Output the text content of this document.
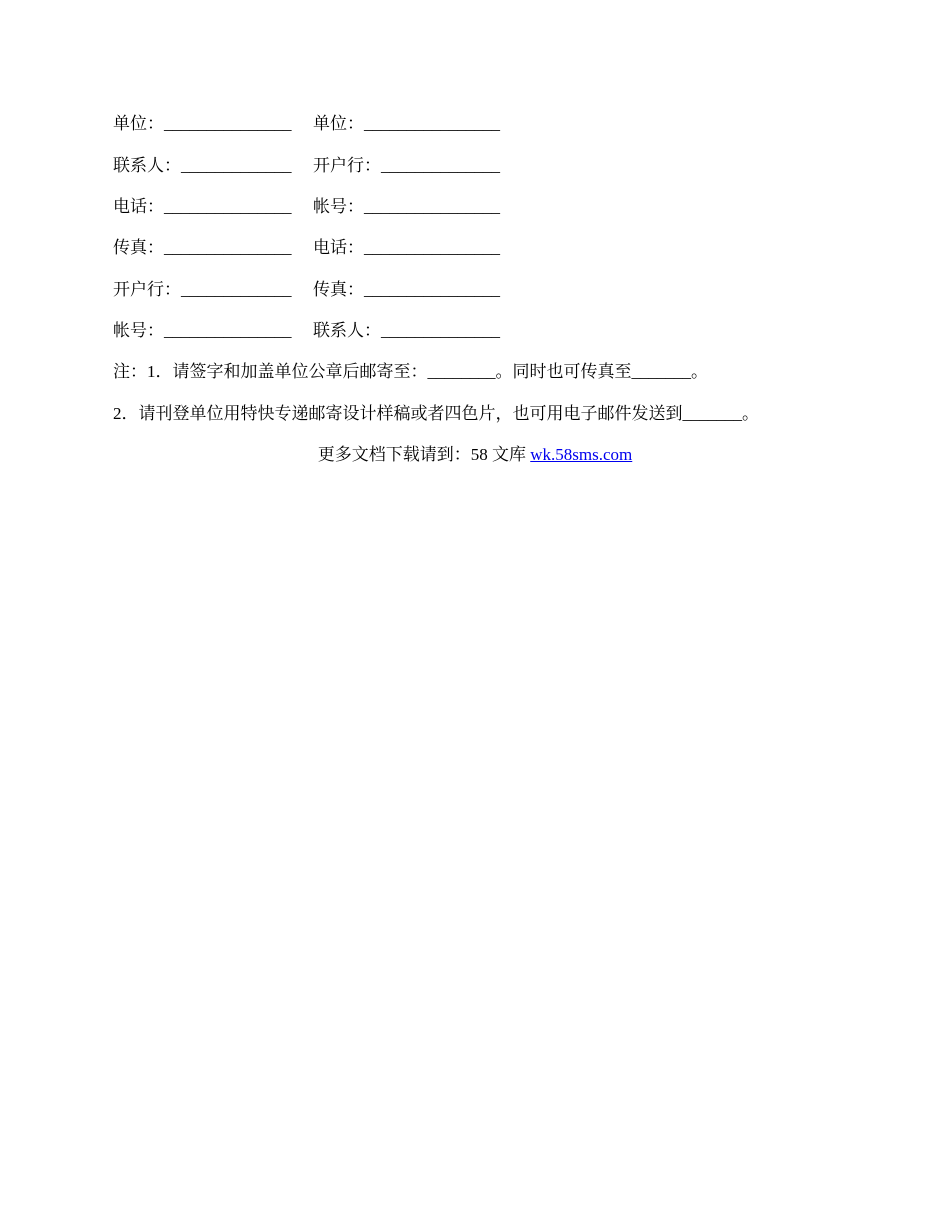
单位：_______________ 单位：________________
联系人：_____________ 开户行：______________
电话：_______________ 帐号：________________
传真：_______________ 电话：________________
开户行：_____________ 传真：________________
帐号：_______________ 联系人：______________
注：1．请签字和加盖单位公章后邮寄至：________。同时也可传真至_______。
2．请刊登单位用特快专递邮寄设计样稿或者四色片，也可用电子邮件发送到_______。
更多文档下载请到：58 文库 wk.58sms.com
